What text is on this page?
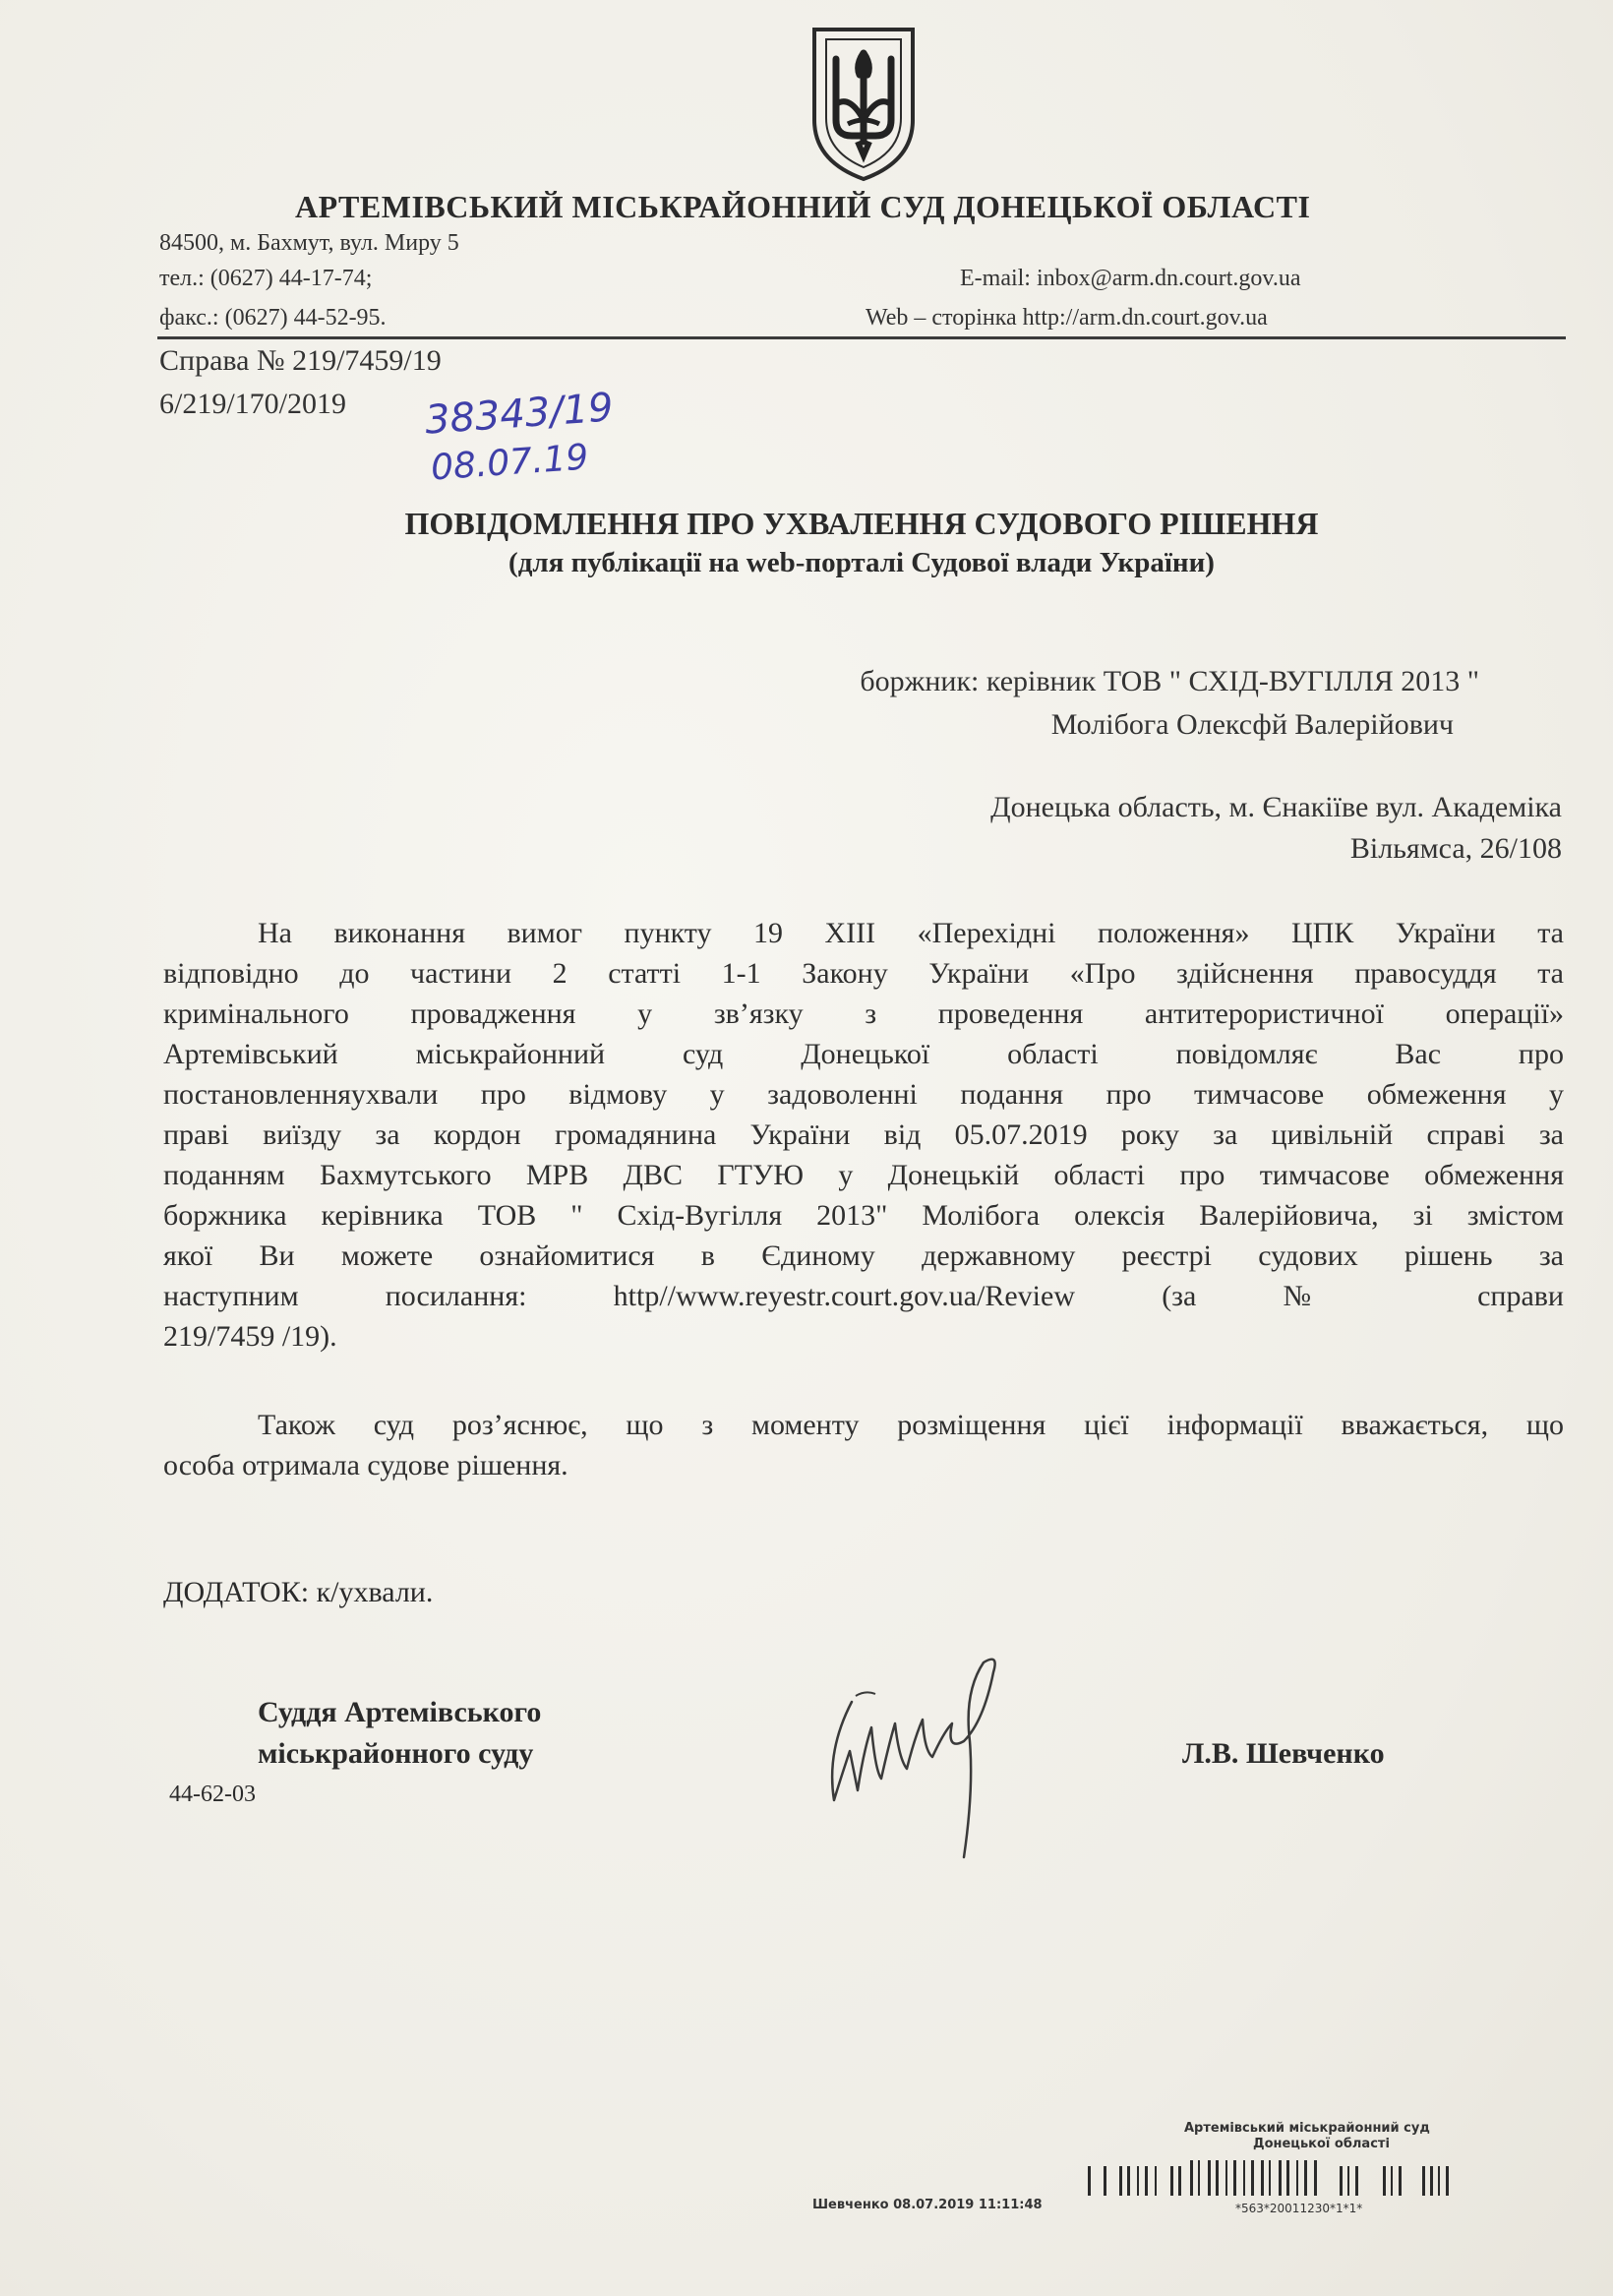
АРТЕМІВСЬКИЙ МІСЬКРАЙОННИЙ СУД ДОНЕЦЬКОЇ ОБЛАСТІ
84500, м. Бахмут, вул. Миру 5
тел.: (0627) 44-17-74;
факс.: (0627) 44-52-95.
E-mail: inbox@arm.dn.court.gov.ua
Web – сторінка http://arm.dn.court.gov.ua
Справа № 219/7459/19
6/219/170/2019 38343/19
08.07.19
ПОВІДОМЛЕННЯ ПРО УХВАЛЕННЯ СУДОВОГО РІШЕННЯ
(для публікації на web-порталі Судової влади України)
боржник: керівник ТОВ " СХІД-ВУГІЛЛЯ 2013 "
Молібога Олексфй Валерійович
Донецька область, м. Єнакіїве вул. Академіка
Вільямса, 26/108
На виконання вимог пункту 19 XIII «Перехідні положення» ЦПК України та
відповідно до частини 2 статті 1-1 Закону України «Про здійснення правосуддя та
кримінального провадження у зв’язку з проведення антитерористичної операції»
Артемівський міськрайонний суд Донецької області повідомляє Вас про
постановленняухвали про відмову у задоволенні подання про тимчасове обмеження у
праві виїзду за кордон громадянина України від 05.07.2019 року за цивільній справі за
поданням Бахмутського МРВ ДВС ГТУЮ у Донецькій області про тимчасове обмеження
боржника керівника ТОВ " Схід-Вугілля 2013" Молібога олексія Валерійовича, зі змістом
якої Ви можете ознайомитися в Єдиному державному реєстрі судових рішень за
наступним посилання: http//www.reyestr.court.gov.ua/Review (за № справи
219/7459 /19).
Також суд роз’яснює, що з моменту розміщення цієї інформації вважається, що
особа отримала судове рішення.
ДОДАТОК: к/ухвали.
Суддя Артемівського
міськрайонного суду	Л.В. Шевченко
44-62-03
Артемівський міськрайонний суд
Донецької області
Шевченко 08.07.2019 11:11:48	*563*20011230*1*1*
